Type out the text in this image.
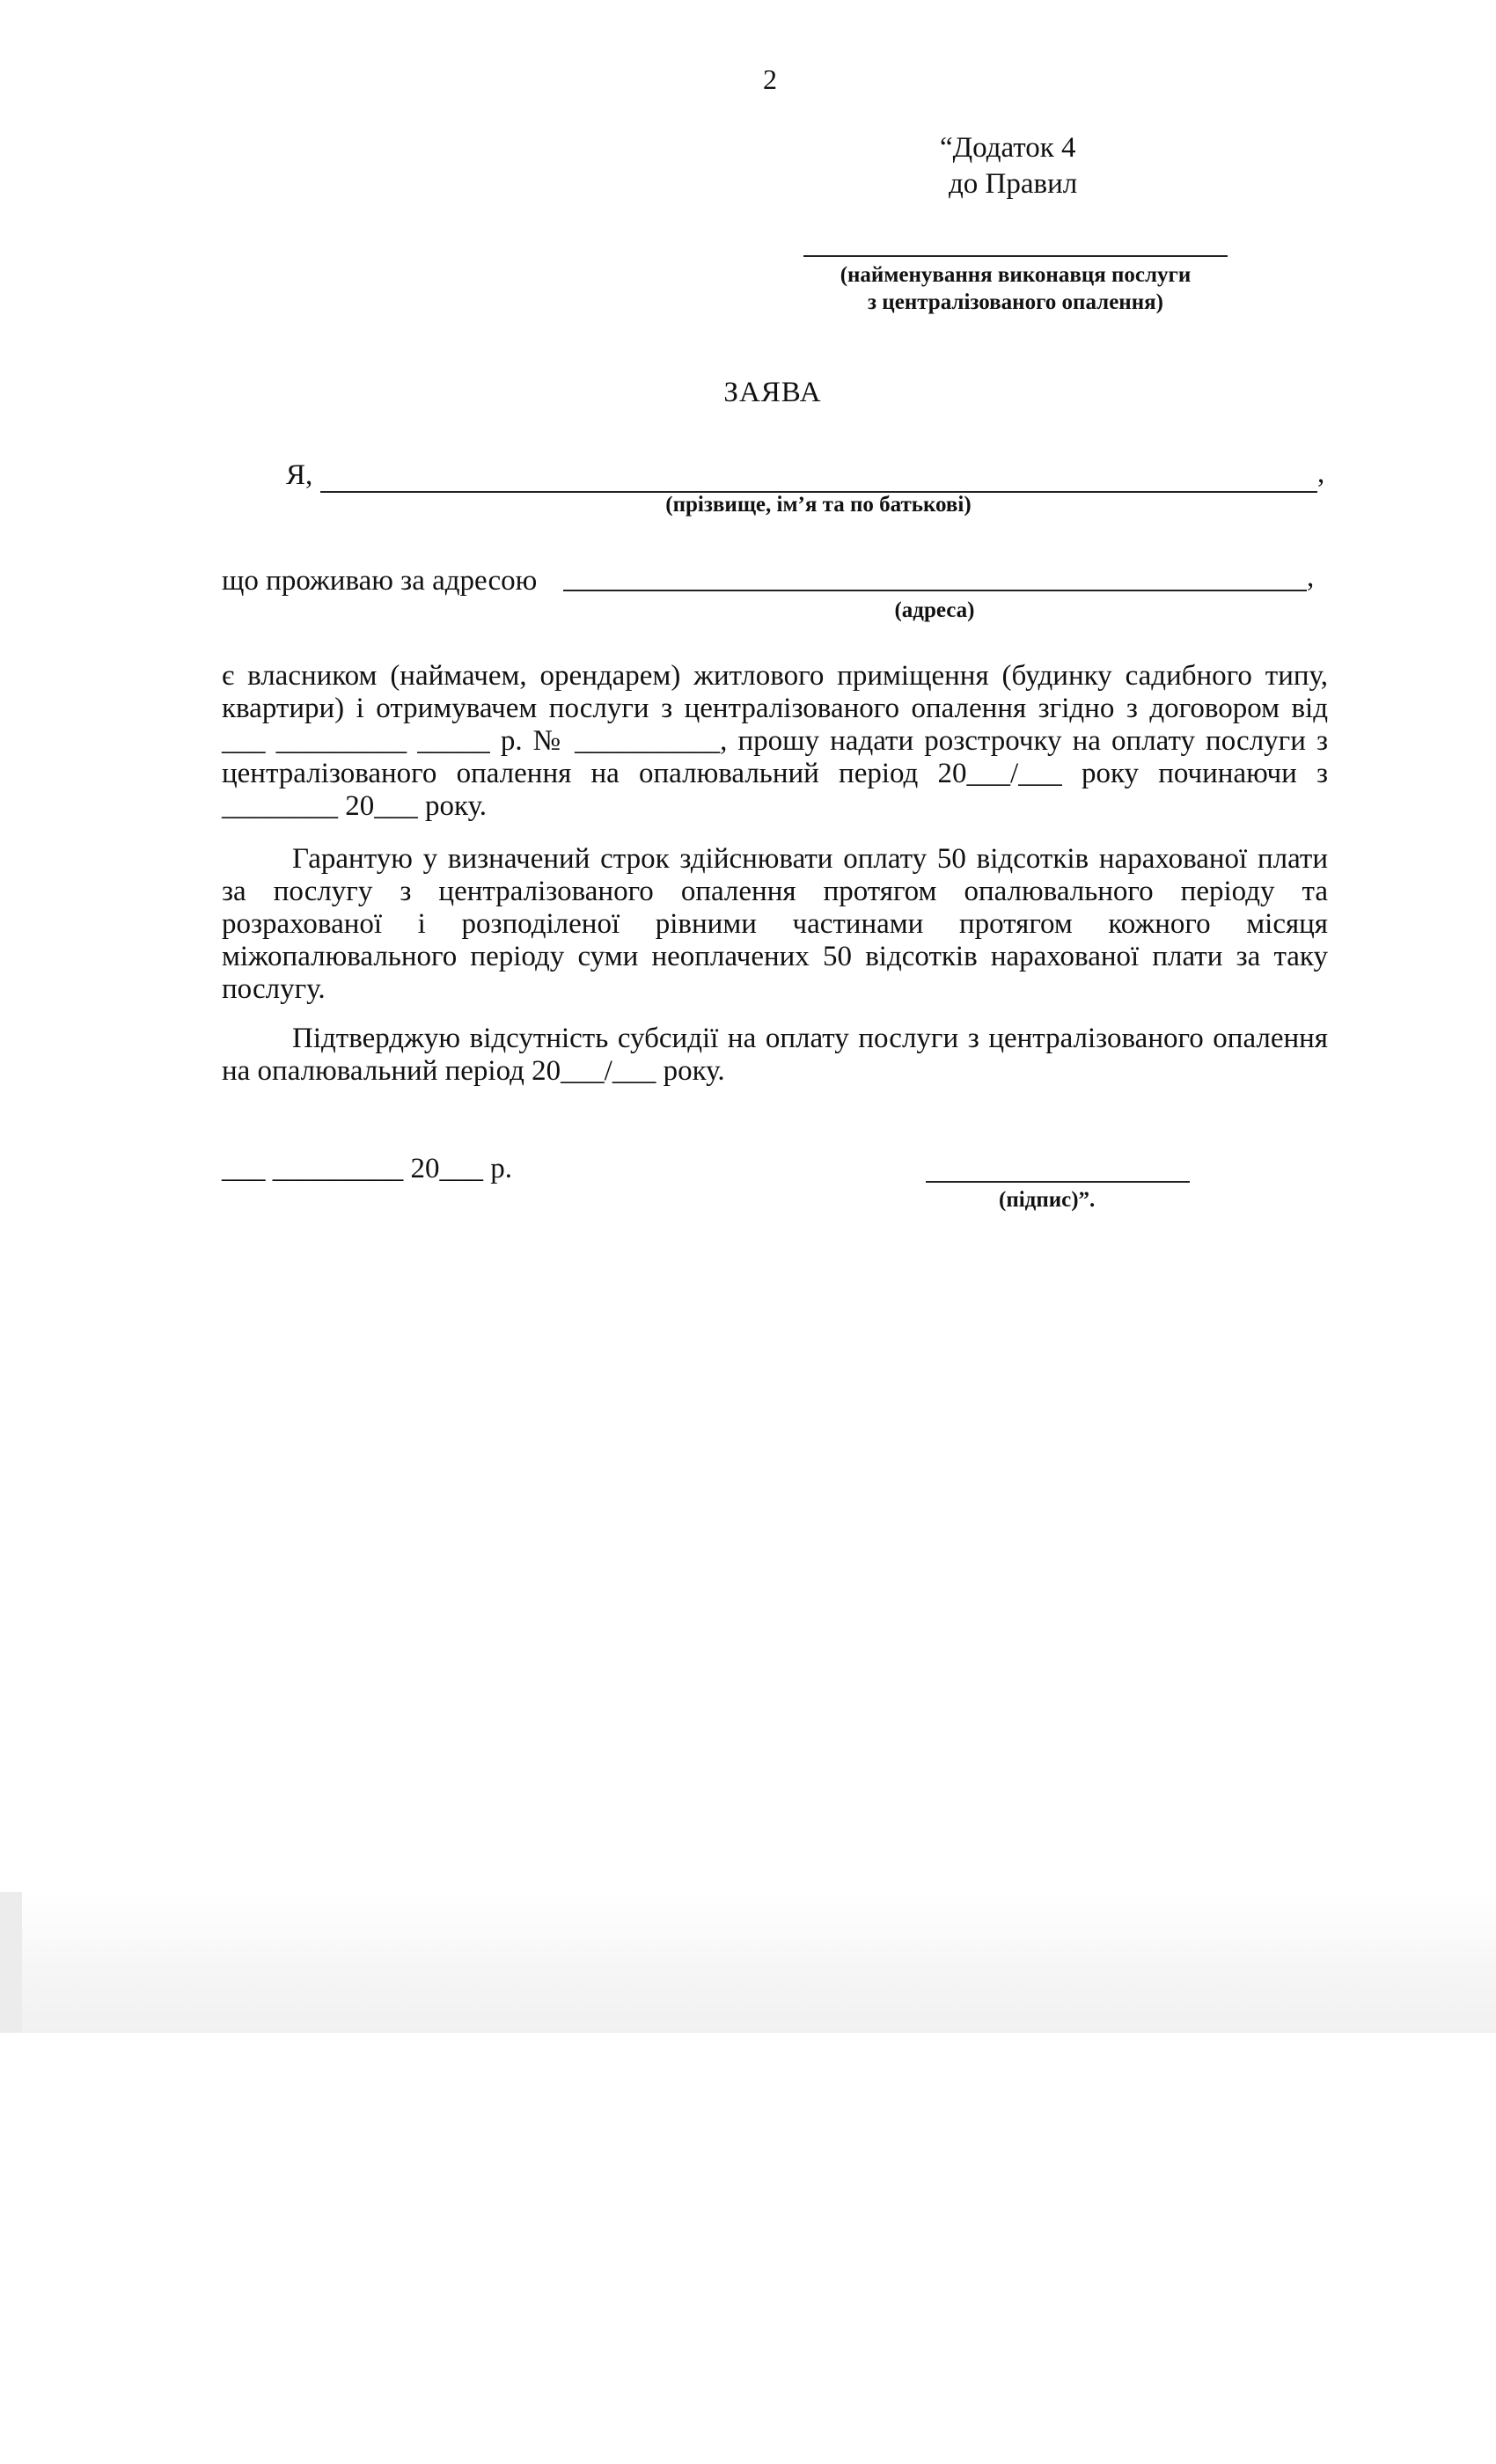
2
“Додаток 4
до Правил
(найменування виконавця послуги
з централізованого опалення)
ЗАЯВА
Я,	,
(прізвище, ім’я та по батькові)
що проживаю за адресою	,
(адреса)
є власником (наймачем, орендарем) житлового приміщення (будинку садибного типу,
квартири) і отримувачем послуги з централізованого опалення згідно з договором від
___ _________ _____ р. № __________, прошу надати розстрочку на оплату послуги з
централізованого опалення на опалювальний період 20___/___ року починаючи з
________ 20___ року.
Гарантую у визначений строк здійснювати оплату 50 відсотків нарахованої плати
за послугу з централізованого опалення протягом опалювального періоду та
розрахованої і розподіленої рівними частинами протягом кожного місяця
міжопалювального періоду суми неоплачених 50 відсотків нарахованої плати за таку
послугу.
Підтверджую відсутність субсидії на оплату послуги з централізованого опалення
на опалювальний період 20___/___ року.
___ _________ 20___ р.
(підпис)”.
